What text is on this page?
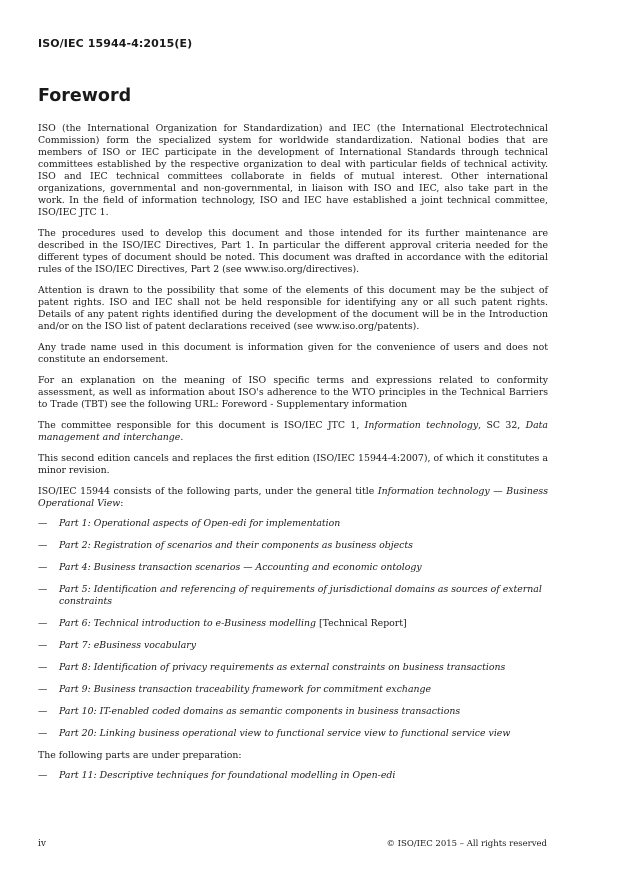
ISO/IEC 15944-4:2015(E)
Foreword

ISO (the International Organization for Standardization) and IEC (the International Electrotechnical Commission) form the specialized system for worldwide standardization. National bodies that are members of ISO or IEC participate in the development of International Standards through technical committees established by the respective organization to deal with particular fields of technical activity. ISO and IEC technical committees collaborate in fields of mutual interest. Other international organizations, governmental and non-governmental, in liaison with ISO and IEC, also take part in the work. In the field of information technology, ISO and IEC have established a joint technical committee, ISO/IEC JTC 1.

The procedures used to develop this document and those intended for its further maintenance are described in the ISO/IEC Directives, Part 1. In particular the different approval criteria needed for the different types of document should be noted. This document was drafted in accordance with the editorial rules of the ISO/IEC Directives, Part 2 (see www.iso.org/directives).

Attention is drawn to the possibility that some of the elements of this document may be the subject of patent rights. ISO and IEC shall not be held responsible for identifying any or all such patent rights. Details of any patent rights identified during the development of the document will be in the Introduction and/or on the ISO list of patent declarations received (see www.iso.org/patents).

Any trade name used in this document is information given for the convenience of users and does not constitute an endorsement.

For an explanation on the meaning of ISO specific terms and expressions related to conformity assessment, as well as information about ISO's adherence to the WTO principles in the Technical Barriers to Trade (TBT) see the following URL: Foreword - Supplementary information

The committee responsible for this document is ISO/IEC JTC 1, Information technology, SC 32, Data management and interchange.

This second edition cancels and replaces the first edition (ISO/IEC 15944-4:2007), of which it constitutes a minor revision.

ISO/IEC 15944 consists of the following parts, under the general title Information technology — Business Operational View:

— Part 1: Operational aspects of Open-edi for implementation
— Part 2: Registration of scenarios and their components as business objects
— Part 4: Business transaction scenarios — Accounting and economic ontology
— Part 5: Identification and referencing of requirements of jurisdictional domains as sources of external constraints
— Part 6: Technical introduction to e-Business modelling [Technical Report]
— Part 7: eBusiness vocabulary
— Part 8: Identification of privacy requirements as external constraints on business transactions
— Part 9: Business transaction traceability framework for commitment exchange
— Part 10: IT-enabled coded domains as semantic components in business transactions
— Part 20: Linking business operational view to functional service view to functional service view

The following parts are under preparation:

— Part 11: Descriptive techniques for foundational modelling in Open-edi
iv	© ISO/IEC 2015 – All rights reserved
